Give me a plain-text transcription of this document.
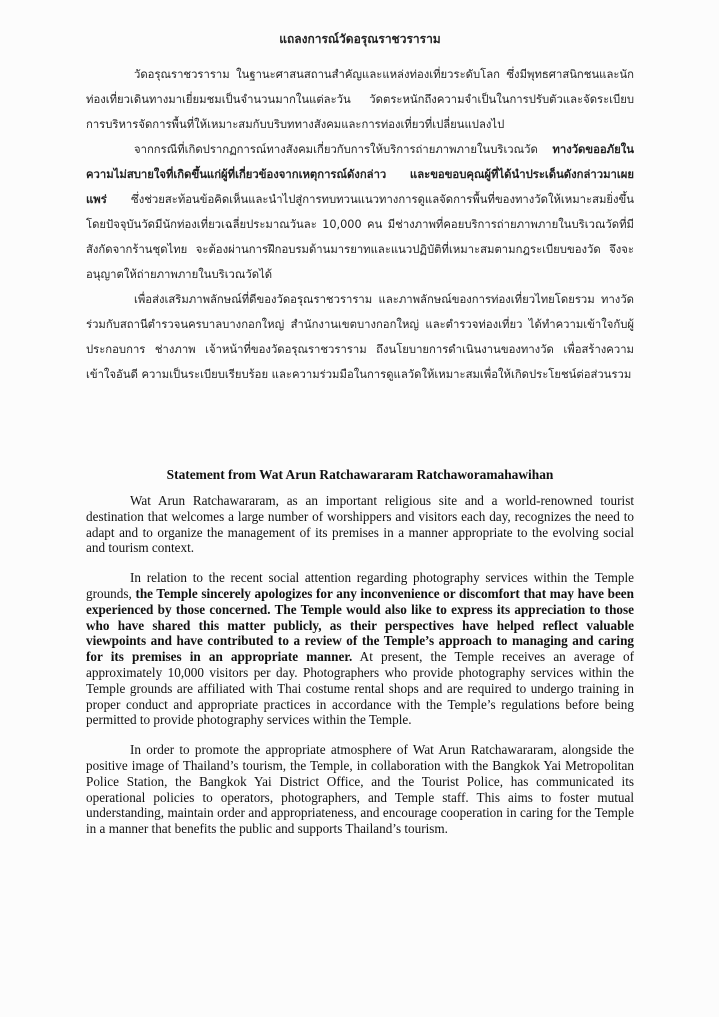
แถลงการณ์วัดอรุณราชวราราม

วัดอรุณราชวราราม ในฐานะศาสนสถานสำคัญและแหล่งท่องเที่ยวระดับโลก ซึ่งมีพุทธศาสนิกชนและนักท่องเที่ยวเดินทางมาเยี่ยมชมเป็นจำนวนมากในแต่ละวัน วัดตระหนักถึงความจำเป็นในการปรับตัวและจัดระเบียบการบริหารจัดการพื้นที่ให้เหมาะสมกับบริบททางสังคมและการท่องเที่ยวที่เปลี่ยนแปลงไป

จากกรณีที่เกิดปรากฏการณ์ทางสังคมเกี่ยวกับการให้บริการถ่ายภาพภายในบริเวณวัด ทางวัดขออภัยในความไม่สบายใจที่เกิดขึ้นแก่ผู้ที่เกี่ยวข้องจากเหตุการณ์ดังกล่าว และขอขอบคุณผู้ที่ได้นำประเด็นดังกล่าวมาเผยแพร่ ซึ่งช่วยสะท้อนข้อคิดเห็นและนำไปสู่การทบทวนแนวทางการดูแลจัดการพื้นที่ของทางวัดให้เหมาะสมยิ่งขึ้น โดยปัจจุบันวัดมีนักท่องเที่ยวเฉลี่ยประมาณวันละ 10,000 คน มีช่างภาพที่คอยบริการถ่ายภาพภายในบริเวณวัดที่มีสังกัดจากร้านชุดไทย จะต้องผ่านการฝึกอบรมด้านมารยาทและแนวปฏิบัติที่เหมาะสมตามกฎระเบียบของวัด จึงจะอนุญาตให้ถ่ายภาพภายในบริเวณวัดได้

เพื่อส่งเสริมภาพลักษณ์ที่ดีของวัดอรุณราชวราราม และภาพลักษณ์ของการท่องเที่ยวไทยโดยรวม ทางวัดร่วมกับสถานีตำรวจนครบาลบางกอกใหญ่ สำนักงานเขตบางกอกใหญ่ และตำรวจท่องเที่ยว ได้ทำความเข้าใจกับผู้ประกอบการ ช่างภาพ เจ้าหน้าที่ของวัดอรุณราชวราราม ถึงนโยบายการดำเนินงานของทางวัด เพื่อสร้างความเข้าใจอันดี ความเป็นระเบียบเรียบร้อย และความร่วมมือในการดูแลวัดให้เหมาะสมเพื่อให้เกิดประโยชน์ต่อส่วนรวม

Statement from Wat Arun Ratchawararam Ratchaworamahawihan

Wat Arun Ratchawararam, as an important religious site and a world-renowned tourist destination that welcomes a large number of worshippers and visitors each day, recognizes the need to adapt and to organize the management of its premises in a manner appropriate to the evolving social and tourism context.

In relation to the recent social attention regarding photography services within the Temple grounds, the Temple sincerely apologizes for any inconvenience or discomfort that may have been experienced by those concerned. The Temple would also like to express its appreciation to those who have shared this matter publicly, as their perspectives have helped reflect valuable viewpoints and have contributed to a review of the Temple’s approach to managing and caring for its premises in an appropriate manner. At present, the Temple receives an average of approximately 10,000 visitors per day. Photographers who provide photography services within the Temple grounds are affiliated with Thai costume rental shops and are required to undergo training in proper conduct and appropriate practices in accordance with the Temple’s regulations before being permitted to provide photography services within the Temple.

In order to promote the appropriate atmosphere of Wat Arun Ratchawararam, alongside the positive image of Thailand’s tourism, the Temple, in collaboration with the Bangkok Yai Metropolitan Police Station, the Bangkok Yai District Office, and the Tourist Police, has communicated its operational policies to operators, photographers, and Temple staff. This aims to foster mutual understanding, maintain order and appropriateness, and encourage cooperation in caring for the Temple in a manner that benefits the public and supports Thailand’s tourism.
